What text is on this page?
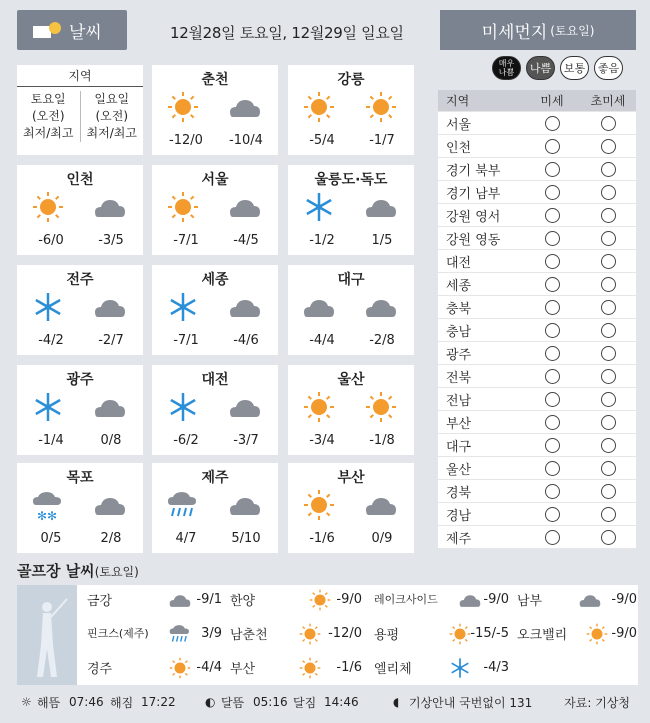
날씨	12월28일 토요일, 12월29일 일요일	미세먼지 (토요일)
지역
토요일
(오전)
최저/최고
일요일
(오전)
최저/최고
춘천
-12/0	-10/4
강릉
-5/4	-1/7
인천
-6/0	-3/5
서울
-7/1	-4/5
울릉도·독도
-1/2	1/5
전주
-4/2	-2/7
세종
-7/1	-4/6
대구
-4/4	-2/8
광주
-1/4	0/8
대전
-6/2	-3/7
울산
-3/4	-1/8
목포
✻✻
0/5	2/8
제주
4/7	5/10
부산
-1/6	0/9
매우
나쁨	나쁨	보통	좋음
지역	미세	초미세
서울
인천
경기 북부
경기 남부
강원 영서
강원 영동
대전
세종
충북
충남
광주
전북
전남
부산
대구
울산
경북
경남
제주
골프장 날씨(토요일)
금강	-9/1 한양	-9/0 레이크사이드	-9/0 남부	-9/0
핀크스(제주)	3/9 남춘천	-12/0 용평	-15/-5 오크밸리	-9/0
경주	-4/4 부산	-1/6 엘리체	-4/3
☼ 해뜸 07:46 해짐 17:22 ◐ 달뜸 05:16 달짐 14:46	◖ 기상안내 국번없이 131	자료: 기상청
